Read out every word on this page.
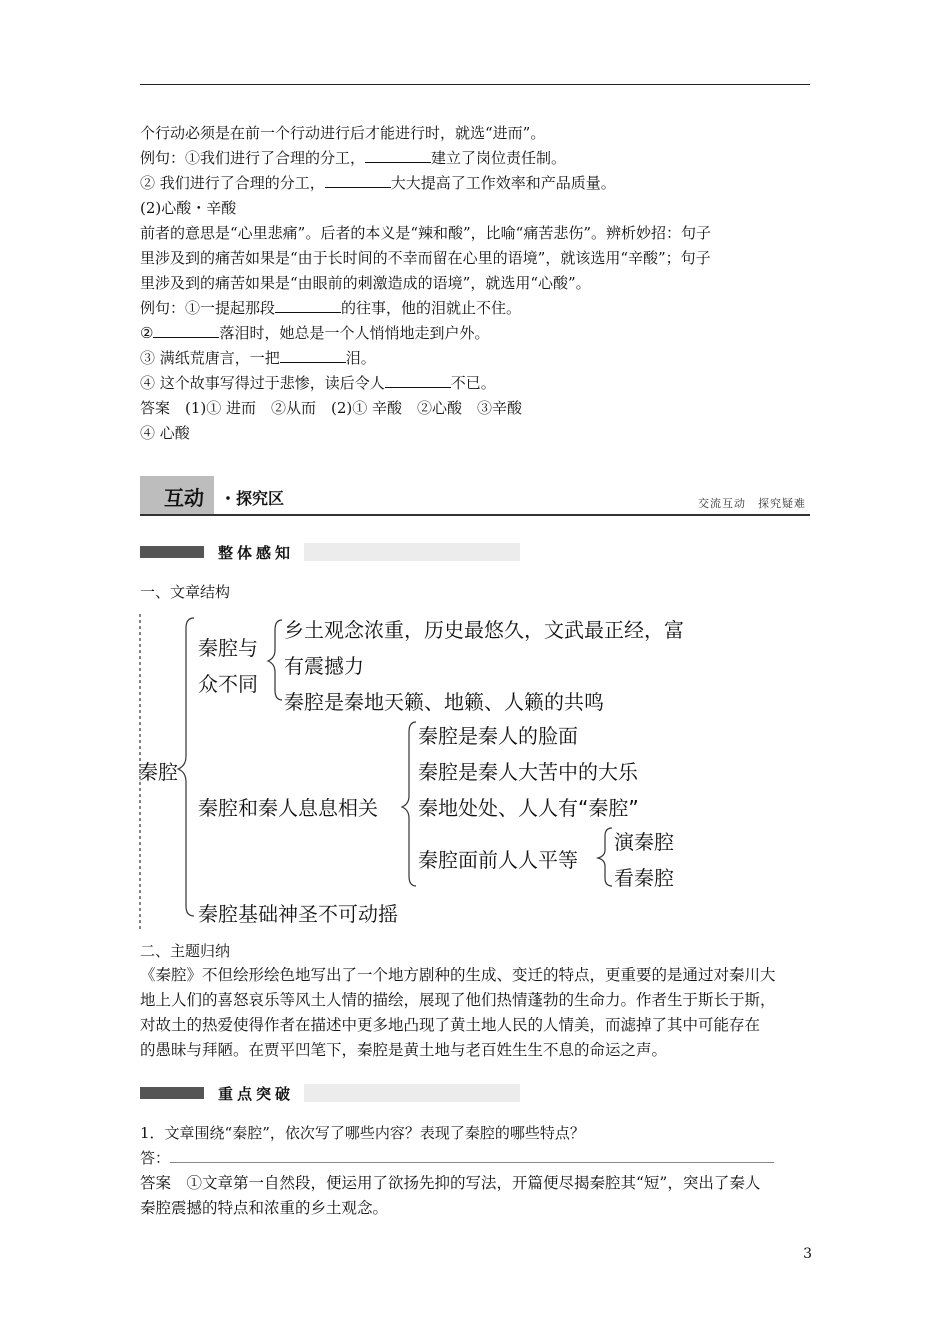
个行动必须是在前一个行动进行后才能进行时，就选“进而”。
例句：①我们进行了合理的分工，	建立了岗位责任制。
② 我们进行了合理的分工，	大大提高了工作效率和产品质量。
(2)心酸・辛酸
前者的意思是“心里悲痛”。后者的本义是“辣和酸”，比喻“痛苦悲伤”。辨析妙招：句子
里涉及到的痛苦如果是“由于长时间的不幸而留在心里的语境”，就该选用“辛酸”；句子
里涉及到的痛苦如果是“由眼前的刺激造成的语境”，就选用“心酸”。
例句：①一提起那段	的往事，他的泪就止不住。
②	落泪时，她总是一个人悄悄地走到户外。
③ 满纸荒唐言，一把	泪。
④ 这个故事写得过于悲惨，读后令人	不已。
答案　(1)① 进而　②从而　(2)① 辛酸　②心酸　③辛酸
④ 心酸
互动 ・探究区	交流互动　探究疑难
整体感知
一、文章结构
秦腔
秦腔与
众不同
乡土观念浓重，历史最悠久，文武最正经，富
有震撼力
秦腔是秦地天籁、地籁、人籁的共鸣
秦腔和秦人息息相关
秦腔是秦人的脸面
秦腔是秦人大苦中的大乐
秦地处处、人人有“秦腔”
秦腔面前人人平等
演秦腔
看秦腔
秦腔基础神圣不可动摇
二、主题归纳
《秦腔》不但绘形绘色地写出了一个地方剧种的生成、变迁的特点，更重要的是通过对秦川大
地上人们的喜怒哀乐等风土人情的描绘，展现了他们热情蓬勃的生命力。作者生于斯长于斯，
对故土的热爱使得作者在描述中更多地凸现了黄土地人民的人情美，而滤掉了其中可能存在
的愚昧与拜陋。在贾平凹笔下，秦腔是黄土地与老百姓生生不息的命运之声。
重点突破
1．文章围绕“秦腔”，依次写了哪些内容？表现了秦腔的哪些特点？
答：
答案　①文章第一自然段，便运用了欲扬先抑的写法，开篇便尽揭秦腔其“短”，突出了秦人
秦腔震撼的特点和浓重的乡土观念。
3
